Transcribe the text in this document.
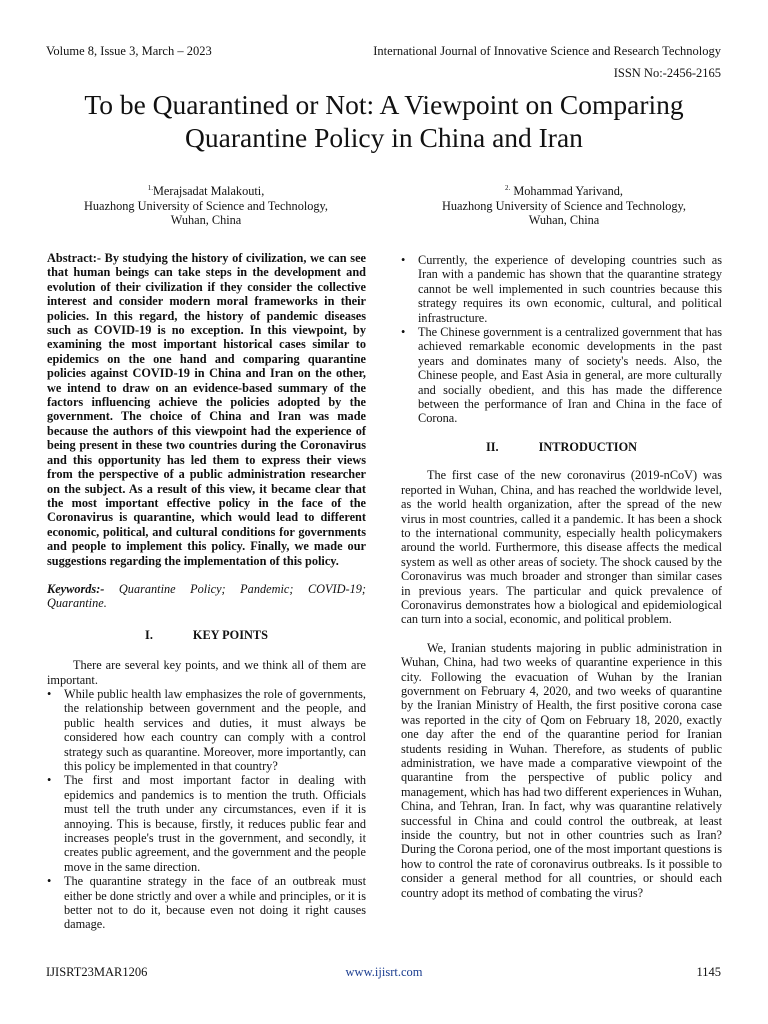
Volume 8, Issue 3, March – 2023	International Journal of Innovative Science and Research Technology
ISSN No:-2456-2165
To be Quarantined or Not: A Viewpoint on Comparing Quarantine Policy in China and Iran
$^{1.}$Merajsadat Malakouti,
Huazhong University of Science and Technology,
Wuhan, China
$^{2.}$ Mohammad Yarivand,
Huazhong University of Science and Technology,
Wuhan, China

Abstract:- By studying the history of civilization, we can see that human beings can take steps in the development and evolution of their civilization if they consider the collective interest and consider modern moral frameworks in their policies. In this regard, the history of pandemic diseases such as COVID-19 is no exception. In this viewpoint, by examining the most important historical cases similar to epidemics on the one hand and comparing quarantine policies against COVID-19 in China and Iran on the other, we intend to draw on an evidence-based summary of the factors influencing achieve the policies adopted by the government. The choice of China and Iran was made because the authors of this viewpoint had the experience of being present in these two countries during the Coronavirus and this opportunity has led them to express their views from the perspective of a public administration researcher on the subject. As a result of this view, it became clear that the most important effective policy in the face of the Coronavirus is quarantine, which would lead to different economic, political, and cultural conditions for governments and people to implement this policy. Finally, we made our suggestions regarding the implementation of this policy.

Keywords:- Quarantine Policy; Pandemic; COVID-19; Quarantine.

I.	KEY POINTS

There are several key points, and we think all of them are important.

• While public health law emphasizes the role of governments, the relationship between government and the people, and public health services and duties, it must always be considered how each country can comply with a control strategy such as quarantine. Moreover, more importantly, can this policy be implemented in that country?
• The first and most important factor in dealing with epidemics and pandemics is to mention the truth. Officials must tell the truth under any circumstances, even if it is annoying. This is because, firstly, it reduces public fear and increases people's trust in the government, and secondly, it creates public agreement, and the government and the people move in the same direction.
• The quarantine strategy in the face of an outbreak must either be done strictly and over a while and principles, or it is better not to do it, because even not doing it right causes damage.
• Currently, the experience of developing countries such as Iran with a pandemic has shown that the quarantine strategy cannot be well implemented in such countries because this strategy requires its own economic, cultural, and political infrastructure.
• The Chinese government is a centralized government that has achieved remarkable economic developments in the past years and dominates many of society's needs. Also, the Chinese people, and East Asia in general, are more culturally and socially obedient, and this has made the difference between the performance of Iran and China in the face of Corona.

II.	INTRODUCTION

The first case of the new coronavirus (2019-nCoV) was reported in Wuhan, China, and has reached the worldwide level, as the world health organization, after the spread of the new virus in most countries, called it a pandemic. It has been a shock to the international community, especially health policymakers around the world. Furthermore, this disease affects the medical system as well as other areas of society. The shock caused by the Coronavirus was much broader and stronger than similar cases in previous years. The particular and quick prevalence of Coronavirus demonstrates how a biological and epidemiological can turn into a social, economic, and political problem.

We, Iranian students majoring in public administration in Wuhan, China, had two weeks of quarantine experience in this city. Following the evacuation of Wuhan by the Iranian government on February 4, 2020, and two weeks of quarantine by the Iranian Ministry of Health, the first positive corona case was reported in the city of Qom on February 18, 2020, exactly one day after the end of the quarantine period for Iranian students residing in Wuhan. Therefore, as students of public administration, we have made a comparative viewpoint of the quarantine from the perspective of public policy and management, which has had two different experiences in Wuhan, China, and Tehran, Iran. In fact, why was quarantine relatively successful in China and could control the outbreak, at least inside the country, but not in other countries such as Iran? During the Corona period, one of the most important questions is how to control the rate of coronavirus outbreaks. Is it possible to consider a general method for all countries, or should each country adopt its method of combating the virus?

IJISRT23MAR1206	www.ijisrt.com	1145
